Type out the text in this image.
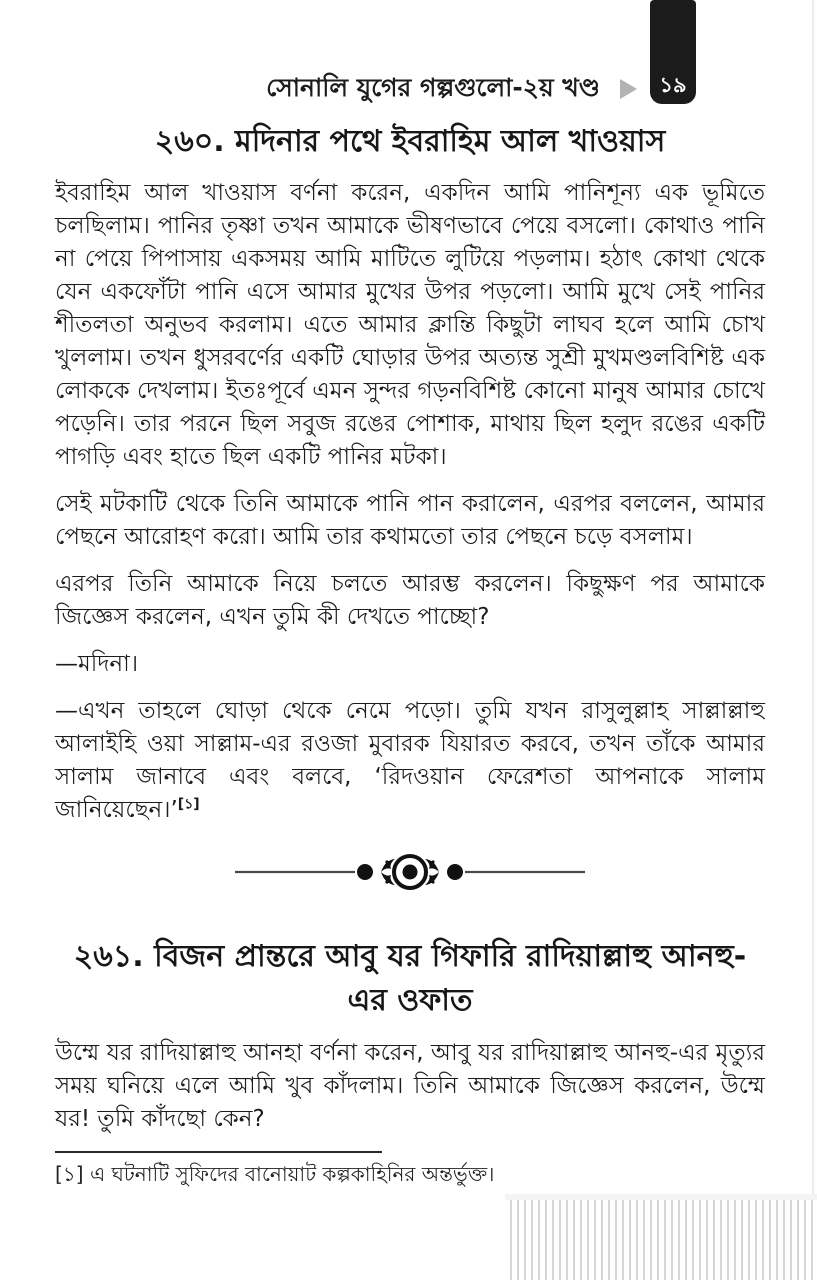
সোনালি যুগের গল্পগুলো-২য় খণ্ড	১৯
২৬০. মদিনার পথে ইবরাহিম আল খাওয়াস

ইবরাহিম আল খাওয়াস বর্ণনা করেন, একদিন আমি পানিশূন্য এক ভূমিতে চলছিলাম। পানির তৃষ্ণা তখন আমাকে ভীষণভাবে পেয়ে বসলো। কোথাও পানি না পেয়ে পিপাসায় একসময় আমি মাটিতে লুটিয়ে পড়লাম। হঠাৎ কোথা থেকে যেন একফোঁটা পানি এসে আমার মুখের উপর পড়লো। আমি মুখে সেই পানির শীতলতা অনুভব করলাম। এতে আমার ক্লান্তি কিছুটা লাঘব হলে আমি চোখ খুললাম। তখন ধুসরবর্ণের একটি ঘোড়ার উপর অত্যন্ত সুশ্রী মুখমণ্ডলবিশিষ্ট এক লোককে দেখলাম। ইতঃপূর্বে এমন সুন্দর গড়নবিশিষ্ট কোনো মানুষ আমার চোখে পড়েনি। তার পরনে ছিল সবুজ রঙের পোশাক, মাথায় ছিল হলুদ রঙের একটি পাগড়ি এবং হাতে ছিল একটি পানির মটকা।

সেই মটকাটি থেকে তিনি আমাকে পানি পান করালেন, এরপর বললেন, আমার পেছনে আরোহণ করো। আমি তার কথামতো তার পেছনে চড়ে বসলাম।

এরপর তিনি আমাকে নিয়ে চলতে আরম্ভ করলেন। কিছুক্ষণ পর আমাকে জিজ্ঞেস করলেন, এখন তুমি কী দেখতে পাচ্ছো?

—মদিনা।

—এখন তাহলে ঘোড়া থেকে নেমে পড়ো। তুমি যখন রাসুলুল্লাহ সাল্লাল্লাহু আলাইহি ওয়া সাল্লাম-এর রওজা মুবারক যিয়ারত করবে, তখন তাঁকে আমার সালাম জানাবে এবং বলবে, ‘রিদওয়ান ফেরেশতা আপনাকে সালাম জানিয়েছেন।’[১]

২৬১. বিজন প্রান্তরে আবু যর গিফারি রাদিয়াল্লাহু আনহু-এর ওফাত

উম্মে যর রাদিয়াল্লাহু আনহা বর্ণনা করেন, আবু যর রাদিয়াল্লাহু আনহু-এর মৃত্যুর সময় ঘনিয়ে এলে আমি খুব কাঁদলাম। তিনি আমাকে জিজ্ঞেস করলেন, উম্মে যর! তুমি কাঁদছো কেন?

[১] এ ঘটনাটি সুফিদের বানোয়াট কল্পকাহিনির অন্তর্ভুক্ত।
